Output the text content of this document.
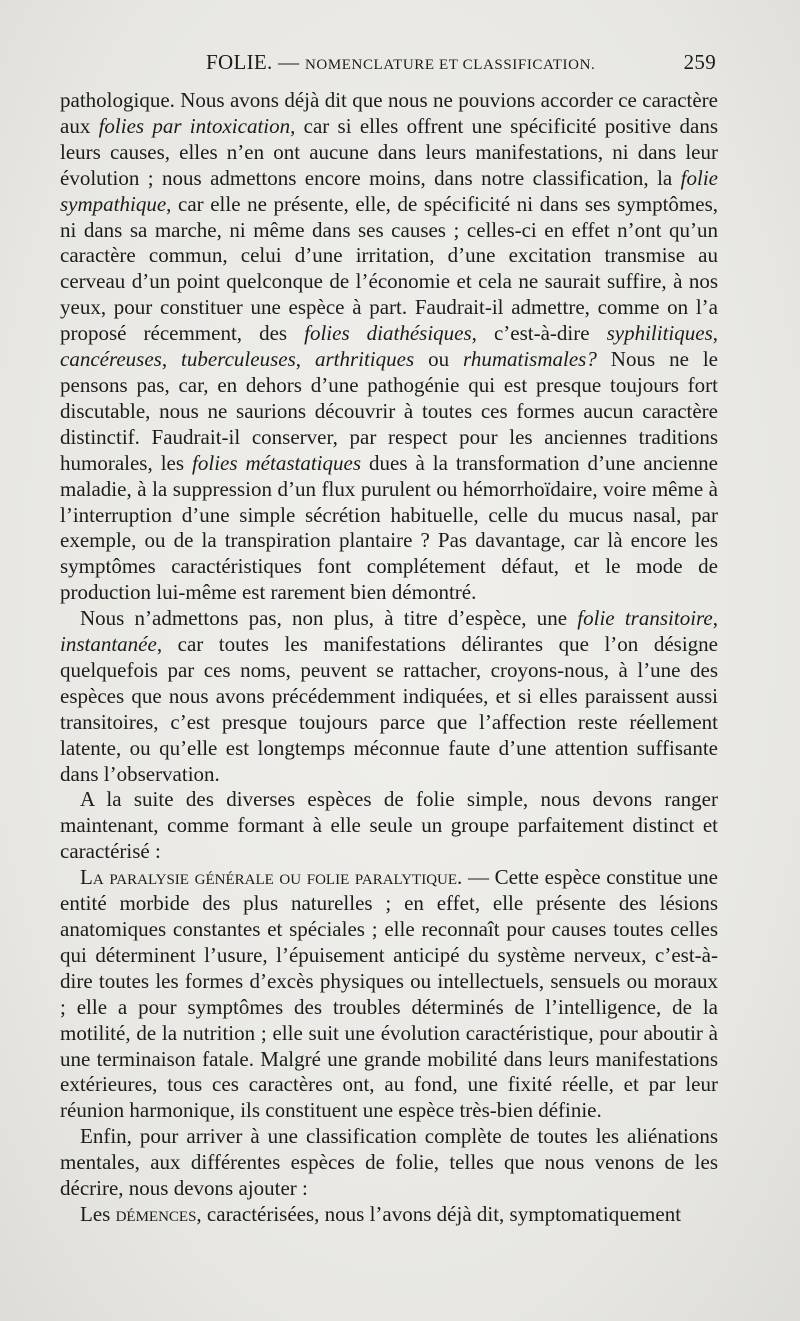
FOLIE. — NOMENCLATURE ET CLASSIFICATION.	259

pathologique. Nous avons déjà dit que nous ne pouvions accorder ce caractère aux folies par intoxication, car si elles offrent une spécificité positive dans leurs causes, elles n’en ont aucune dans leurs manifestations, ni dans leur évolution ; nous admettons encore moins, dans notre classification, la folie sympathique, car elle ne présente, elle, de spécificité ni dans ses symptômes, ni dans sa marche, ni même dans ses causes ; celles-ci en effet n’ont qu’un caractère commun, celui d’une irritation, d’une excitation transmise au cerveau d’un point quelconque de l’économie et cela ne saurait suffire, à nos yeux, pour constituer une espèce à part. Faudrait-il admettre, comme on l’a proposé récemment, des folies diathésiques, c’est-à-dire syphilitiques, cancéreuses, tuberculeuses, arthritiques ou rhumatismales? Nous ne le pensons pas, car, en dehors d’une pathogénie qui est presque toujours fort discutable, nous ne saurions découvrir à toutes ces formes aucun caractère distinctif. Faudrait-il conserver, par respect pour les anciennes traditions humorales, les folies métastatiques dues à la transformation d’une ancienne maladie, à la suppression d’un flux purulent ou hémorrhoïdaire, voire même à l’interruption d’une simple sécrétion habituelle, celle du mucus nasal, par exemple, ou de la transpiration plantaire ? Pas davantage, car là encore les symptômes caractéristiques font complétement défaut, et le mode de production lui-même est rarement bien démontré.

Nous n’admettons pas, non plus, à titre d’espèce, une folie transitoire, instantanée, car toutes les manifestations délirantes que l’on désigne quelquefois par ces noms, peuvent se rattacher, croyons-nous, à l’une des espèces que nous avons précédemment indiquées, et si elles paraissent aussi transitoires, c’est presque toujours parce que l’affection reste réellement latente, ou qu’elle est longtemps méconnue faute d’une attention suffisante dans l’observation.

A la suite des diverses espèces de folie simple, nous devons ranger maintenant, comme formant à elle seule un groupe parfaitement distinct et caractérisé :

La paralysie générale ou folie paralytique. — Cette espèce constitue une entité morbide des plus naturelles ; en effet, elle présente des lésions anatomiques constantes et spéciales ; elle reconnaît pour causes toutes celles qui déterminent l’usure, l’épuisement anticipé du système nerveux, c’est-à-dire toutes les formes d’excès physiques ou intellectuels, sensuels ou moraux ; elle a pour symptômes des troubles déterminés de l’intelligence, de la motilité, de la nutrition ; elle suit une évolution caractéristique, pour aboutir à une terminaison fatale. Malgré une grande mobilité dans leurs manifestations extérieures, tous ces caractères ont, au fond, une fixité réelle, et par leur réunion harmonique, ils constituent une espèce très-bien définie.

Enfin, pour arriver à une classification complète de toutes les aliénations mentales, aux différentes espèces de folie, telles que nous venons de les décrire, nous devons ajouter :

Les démences, caractérisées, nous l’avons déjà dit, symptomatiquement
